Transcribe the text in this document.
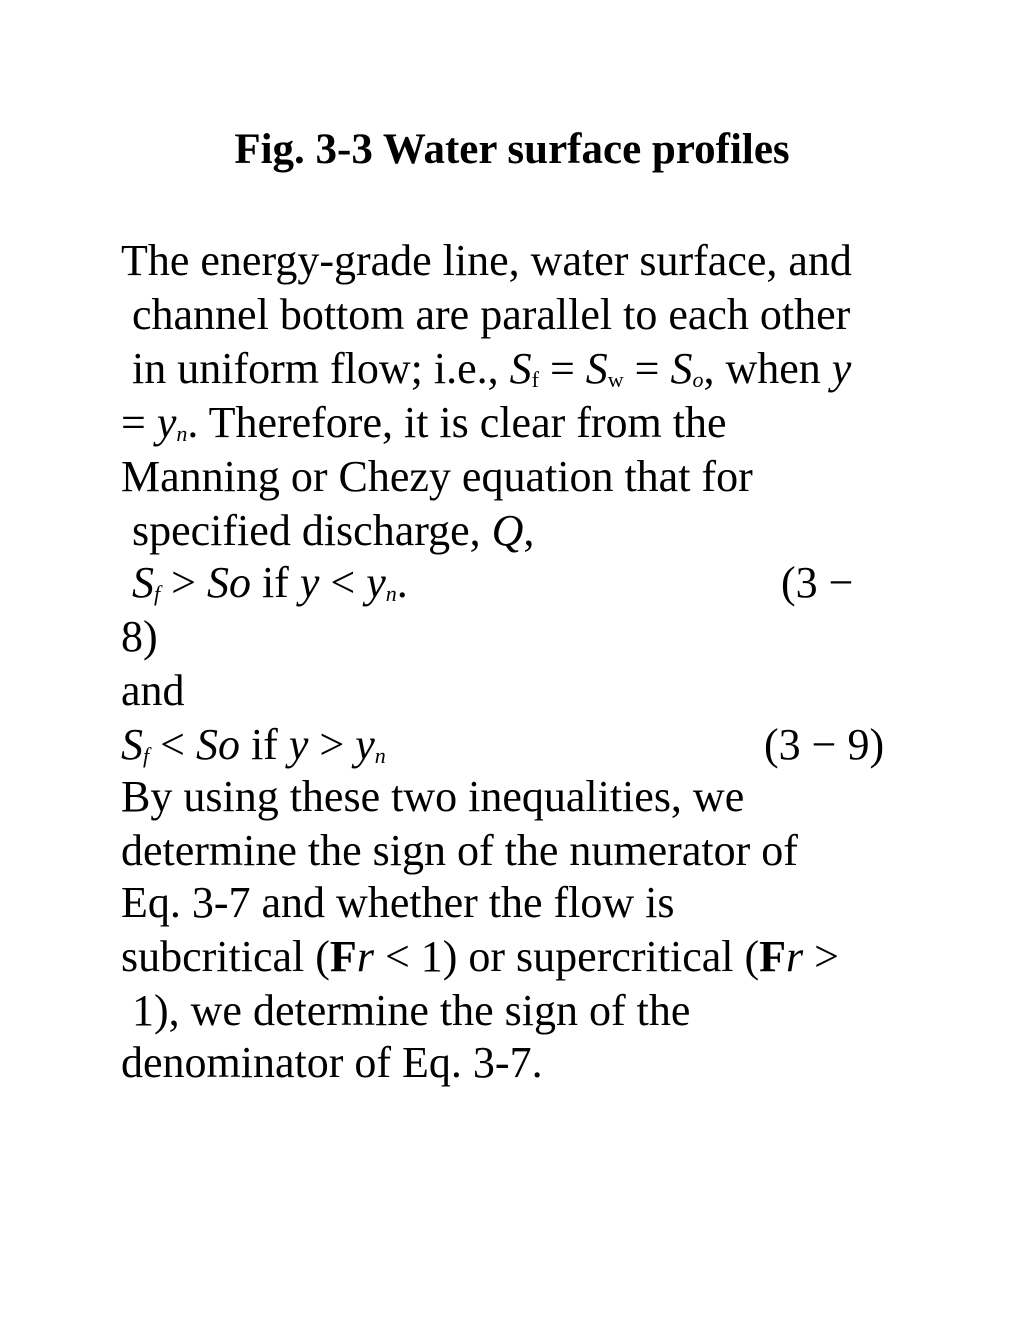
Fig. 3-3 Water surface profiles
The energy-grade line, water surface, and
channel bottom are parallel to each other
in uniform flow; i.e., Sf = Sw = So, when y
= yn. Therefore, it is clear from the
Manning or Chezy equation that for
specified discharge, Q,
Sf > So if y < yn.	(3 −
8)
and
Sf < So if y > yn	(3 − 9)
By using these two inequalities, we
determine the sign of the numerator of
Eq. 3-7 and whether the flow is
subcritical (Fr < 1) or supercritical (Fr >
1), we determine the sign of the
denominator of Eq. 3-7.
